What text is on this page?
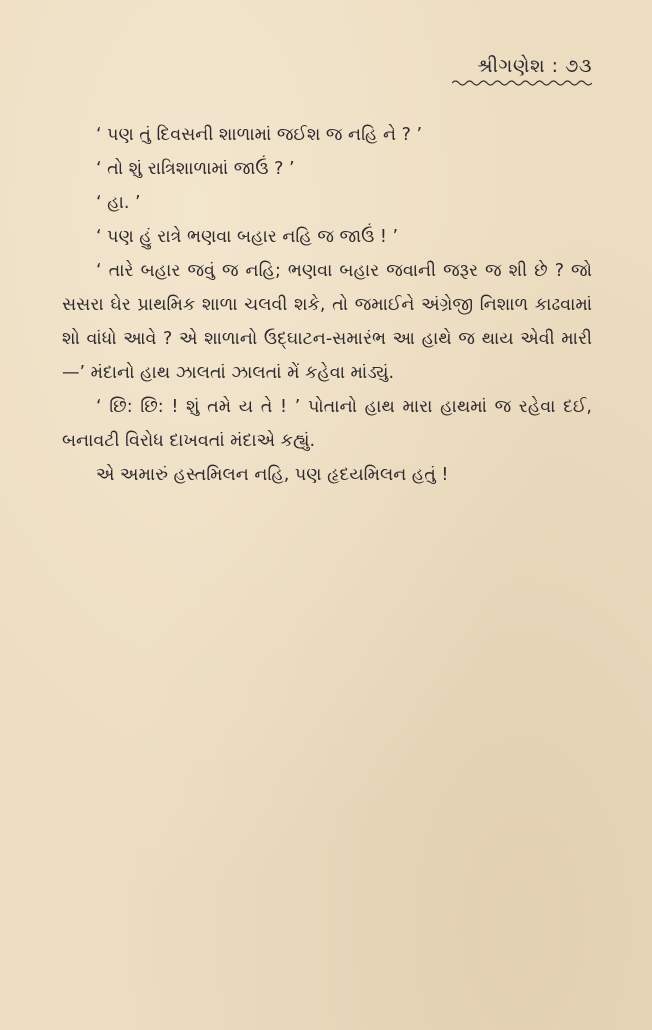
શ્રીગણેશ : ૭૩

‘ પણ તું દિવસની શાળામાં જઈશ જ નહિ ને ? ’

‘ તો શું રાત્રિશાળામાં જાઉં ? ’

‘ હા. ’

‘ પણ હું રાત્રે ભણવા બહાર નહિ જ જાઉં ! ’

‘ તારે બહાર જવું જ નહિ; ભણવા બહાર જવાની જરૂર જ શી છે ? જો સસરા ઘેર પ્રાથમિક શાળા ચલવી શકે, તો જમાઈને અંગ્રેજી નિશાળ કાઢવામાં શો વાંધો આવે ? એ શાળાનો ઉદ્‌ઘાટન-સમારંભ આ હાથે જ થાય એવી મારી—’ મંદાનો હાથ ઝાલતાં ઝાલતાં મેં કહેવા માંડ્યું.

‘ છિ: છિ: ! શું તમે ય તે ! ’ પોતાનો હાથ મારા હાથમાં જ રહેવા દઈ, બનાવટી વિરોધ દાખવતાં મંદાએ કહ્યું.

એ અમારું હસ્તમિલન નહિ, પણ હૃદયમિલન હતું !
